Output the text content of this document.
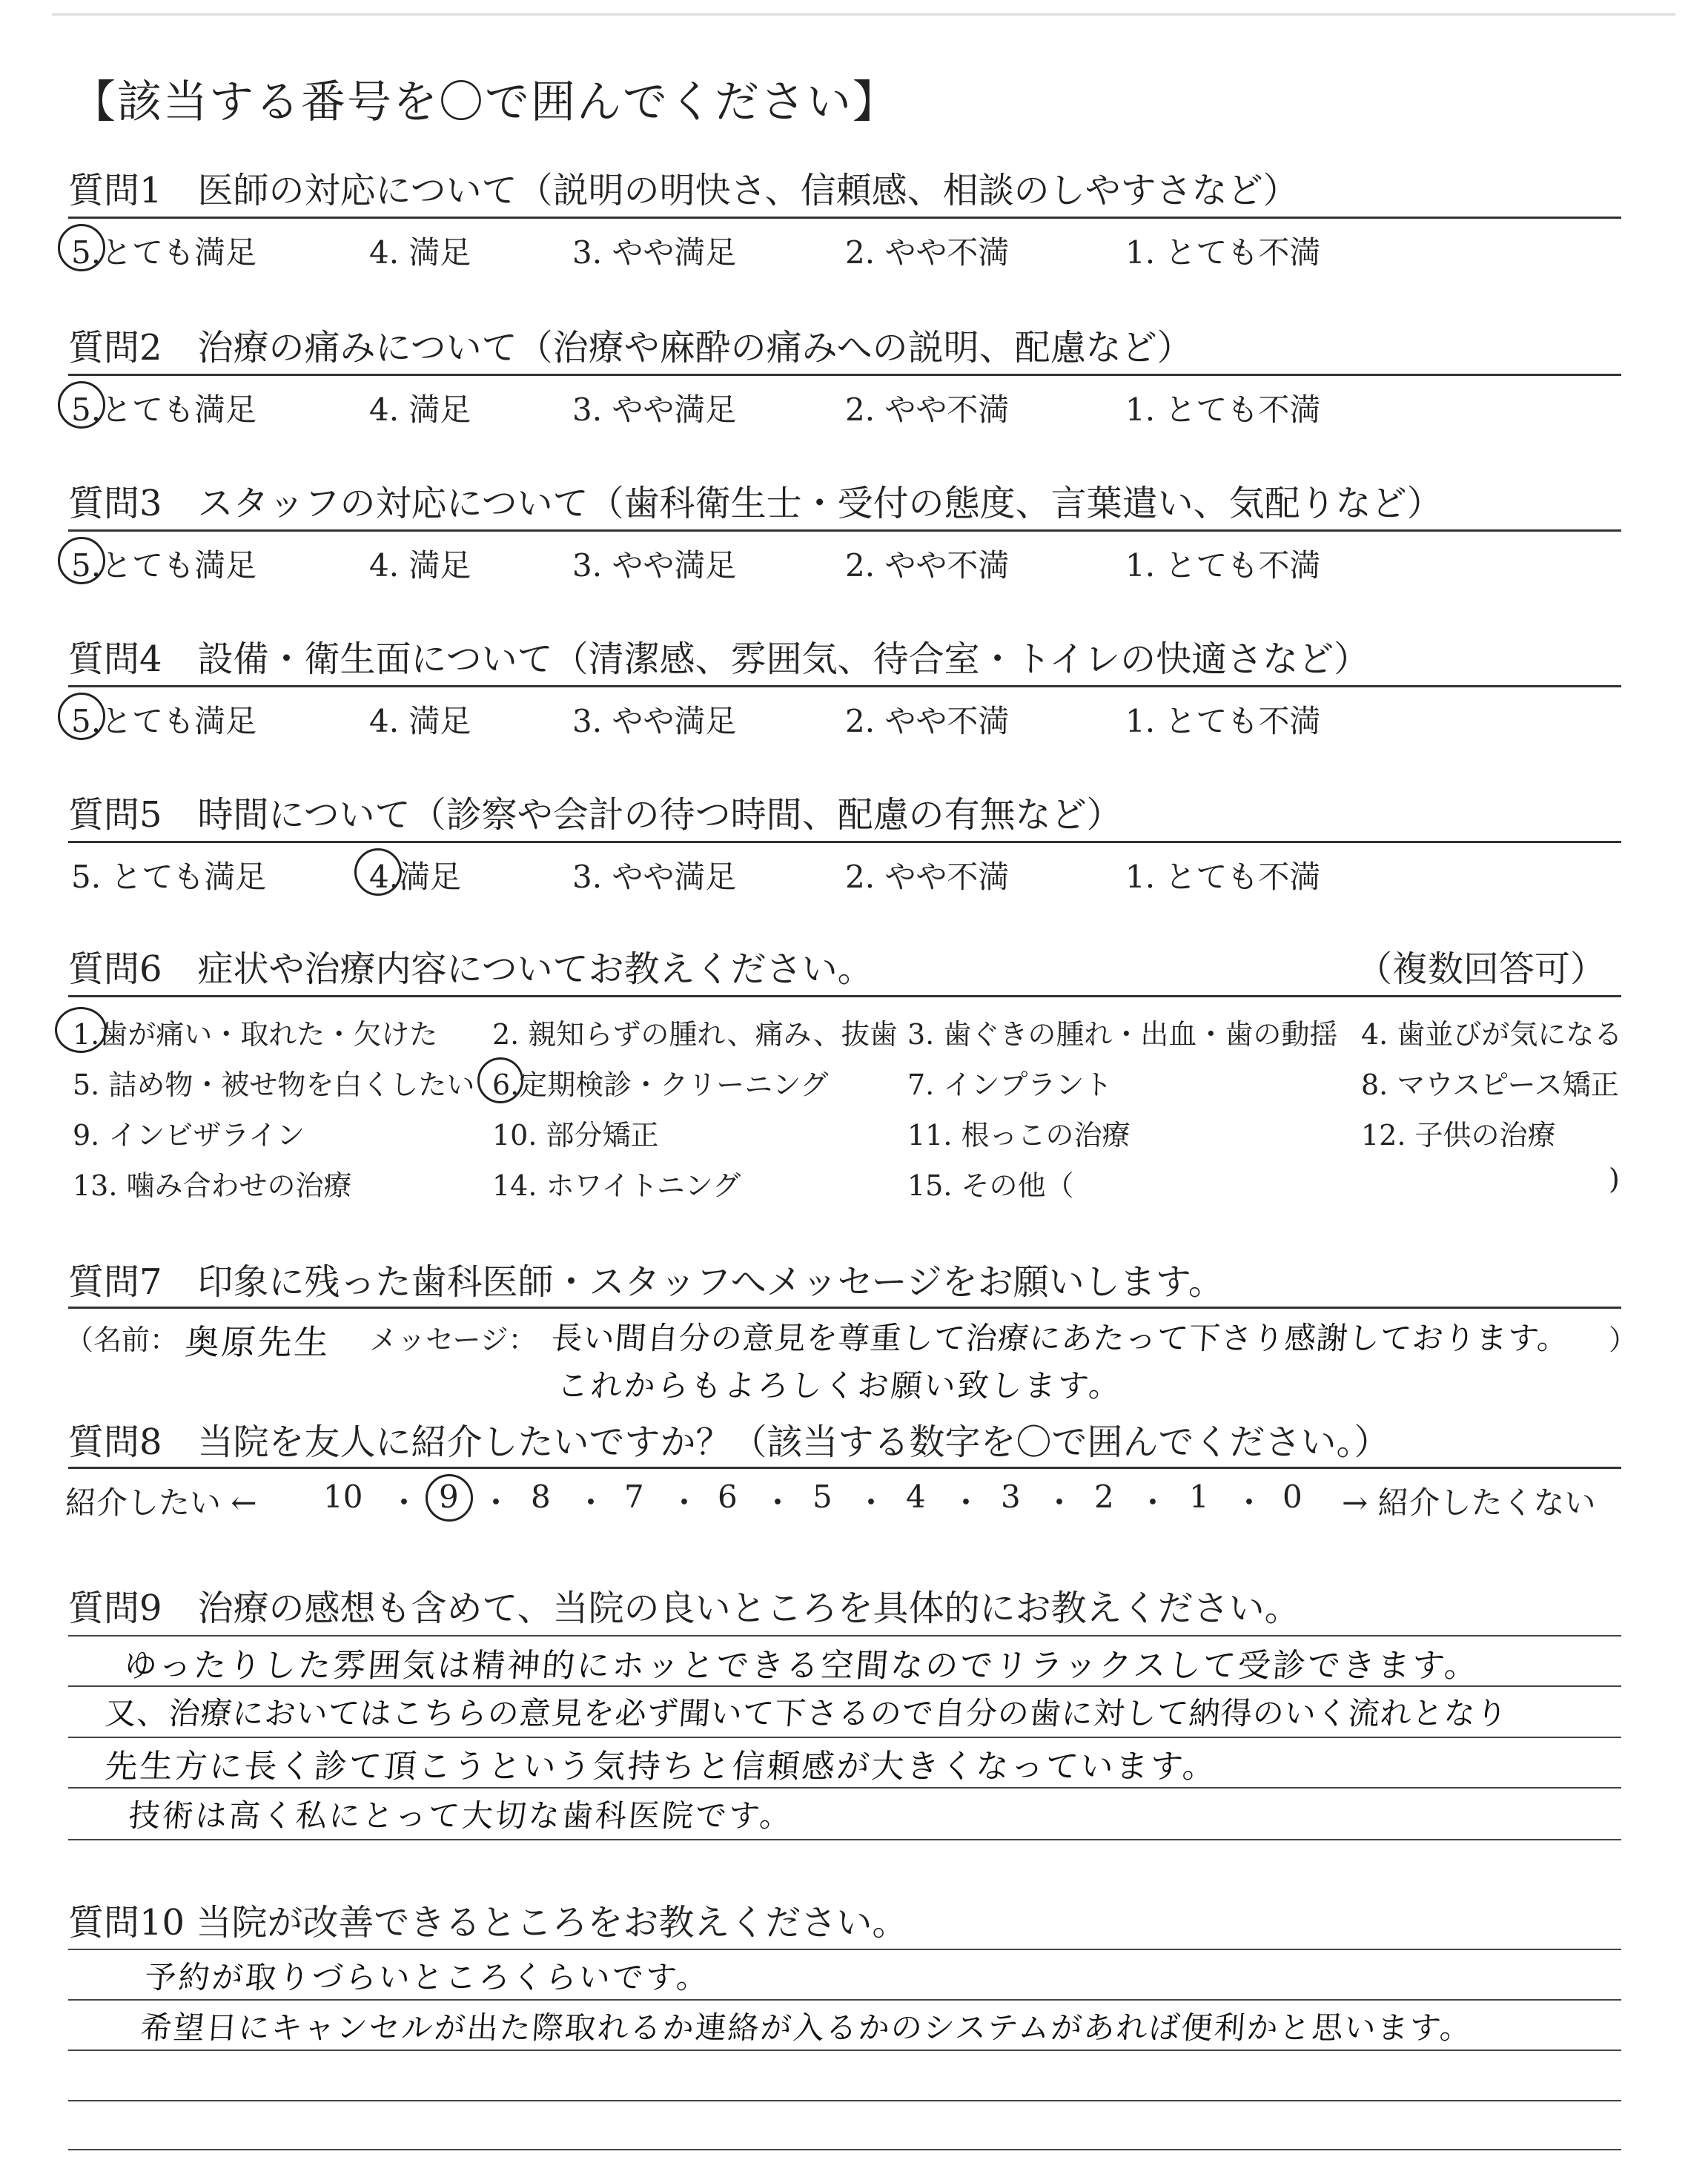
【該当する番号を〇で囲んでください】
質問1　医師の対応について（説明の明快さ、信頼感、相談のしやすさなど）
5.とても満足	4. 満足	3. やや満足	2. やや不満	1. とても不満
質問2　治療の痛みについて（治療や麻酔の痛みへの説明、配慮など）
5.とても満足	4. 満足	3. やや満足	2. やや不満	1. とても不満
質問3　スタッフの対応について（歯科衛生士・受付の態度、言葉遣い、気配りなど）
5.とても満足	4. 満足	3. やや満足	2. やや不満	1. とても不満
質問4　設備・衛生面について（清潔感、雰囲気、待合室・トイレの快適さなど）
5.とても満足	4. 満足	3. やや満足	2. やや不満	1. とても不満
質問5　時間について（診察や会計の待つ時間、配慮の有無など）
5. とても満足	4.満足	3. やや満足	2. やや不満	1. とても不満
質問6　症状や治療内容についてお教えください。	（複数回答可）
1.歯が痛い・取れた・欠けた 2. 親知らずの腫れ、痛み、抜歯 3. 歯ぐきの腫れ・出血・歯の動揺 4. 歯並びが気になる
5. 詰め物・被せ物を白くしたい 6.定期検診・クリーニング	7. インプラント	8. マウスピース矯正
9. インビザライン	10. 部分矯正	11. 根っこの治療	12. 子供の治療
13. 噛み合わせの治療	14. ホワイトニング	15. その他（	)
質問7　印象に残った歯科医師・スタッフへメッセージをお願いします。
（名前： 奥原先生 メッセージ： 長い間自分の意見を尊重して治療にあたって下さり感謝しております。 ）
これからもよろしくお願い致します。
質問8　当院を友人に紹介したいですか？（該当する数字を〇で囲んでください。）
紹介したい ← 10 ・ 9 ・ 8 ・ 7 ・ 6 ・ 5 ・ 4 ・ 3 ・ 2 ・ 1 ・ 0 → 紹介したくない
質問9　治療の感想も含めて、当院の良いところを具体的にお教えください。
ゆったりした雰囲気は精神的にホッとできる空間なのでリラックスして受診できます。
又、治療においてはこちらの意見を必ず聞いて下さるので自分の歯に対して納得のいく流れとなり
先生方に長く診て頂こうという気持ちと信頼感が大きくなっています。
技術は高く私にとって大切な歯科医院です。
質問10 当院が改善できるところをお教えください。
予約が取りづらいところくらいです。
希望日にキャンセルが出た際取れるか連絡が入るかのシステムがあれば便利かと思います。
